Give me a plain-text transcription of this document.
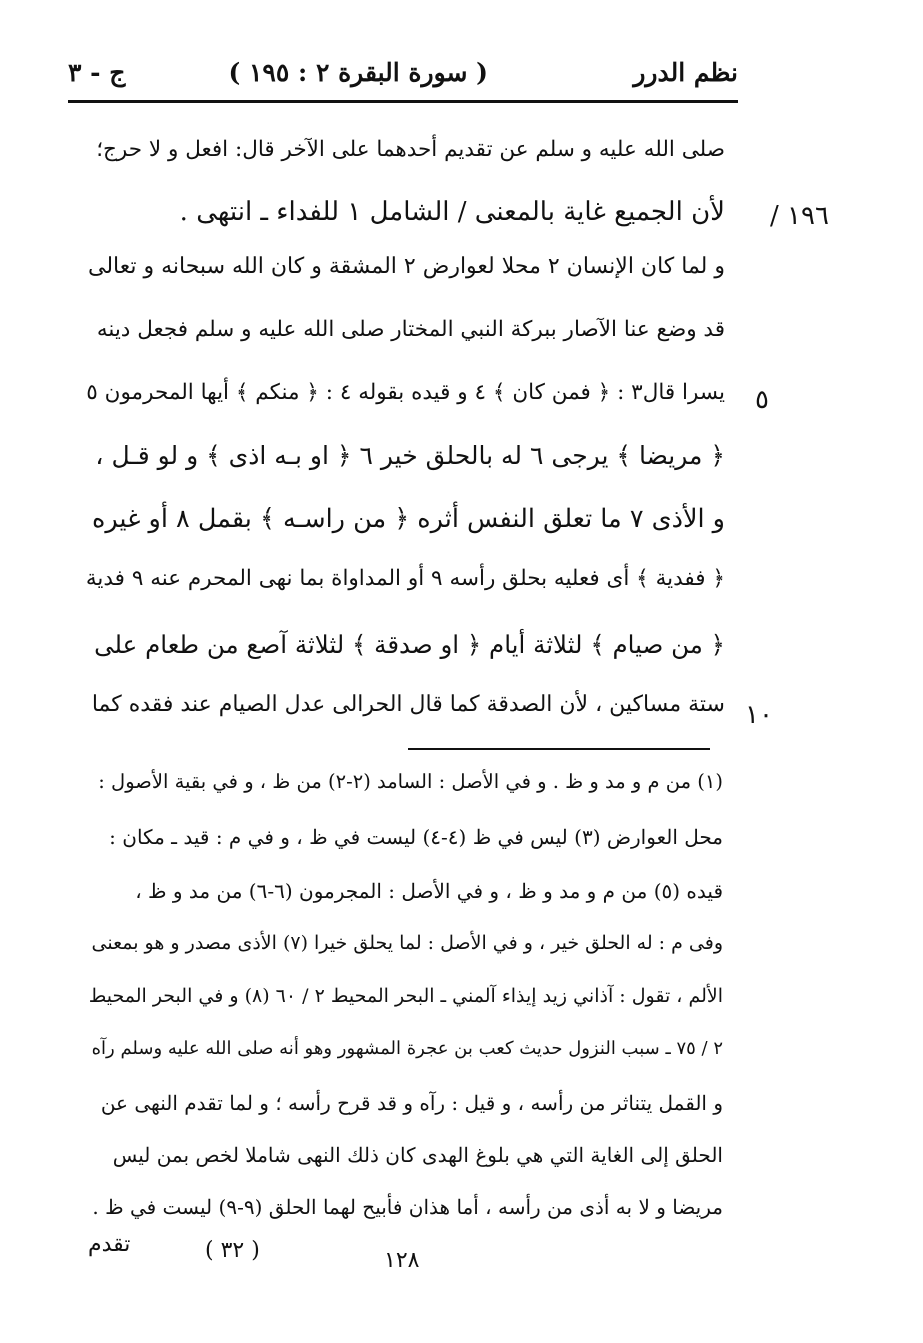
نظم الدرر
( سورة البقرة ٢ : ١٩٥ )
ج - ٣
١٩٦ /
٥
١٠
صلى الله عليه و سلم عن تقديم أحدهما على الآخر قال: افعل و لا حرج؛
لأن الجميع غاية بالمعنى / الشامل ١ للفداء ـ انتهى .
و لما كان الإنسان ٢ محلا لعوارض ٢ المشقة و كان الله سبحانه و تعالى
قد وضع عنا الآصار ببركة النبي المختار صلى الله عليه و سلم فجعل دينه
يسرا قال٣ : ﴿ فمن كان ﴾ ٤ و قيده بقوله ٤ : ﴿ منكم ﴾ أيها المحرمون ٥
﴿ مريضا ﴾ يرجى ٦ له بالحلق خير ٦ ﴿ او بـه اذى ﴾ و لو قـل ،
و الأذى ٧ ما تعلق النفس أثره ﴿ من راسـه ﴾ بقمل ٨ أو غيره
﴿ ففدية ﴾ أى فعليه بحلق رأسه ٩ أو المداواة بما نهى المحرم عنه ٩ فدية
﴿ من صيام ﴾ لثلاثة أيام ﴿ او صدقة ﴾ لثلاثة آصع من طعام على
ستة مساكين ، لأن الصدقة كما قال الحرالى عدل الصيام عند فقده كما
(١) من م و مد و ظ . و في الأصل : السامد (٢-٢) من ظ ، و في بقية الأصول :
محل العوارض (٣) ليس في ظ (٤-٤) ليست في ظ ، و في م : قيد ـ مكان :
قيده (٥) من م و مد و ظ ، و في الأصل : المجرمون (٦-٦) من مد و ظ ،
وفى م : له الحلق خير ، و في الأصل : لما يحلق خيرا (٧) الأذى مصدر و هو بمعنى
الألم ، تقول : آذاني زيد إيذاء آلمني ـ البحر المحيط ٢ / ٦٠ (٨) و في البحر المحيط
٢ / ٧٥ ـ سبب النزول حديث كعب بن عجرة المشهور وهو أنه صلى الله عليه وسلم رآه
و القمل يتناثر من رأسه ، و قيل : رآه و قد قرح رأسه ؛ و لما تقدم النهى عن
الحلق إلى الغاية التي هي بلوغ الهدى كان ذلك النهى شاملا لخص بمن ليس
مريضا و لا به أذى من رأسه ، أما هذان فأبيح لهما الحلق (٩-٩) ليست في ظ .
تقدم	( ٣٢ )	١٢٨
